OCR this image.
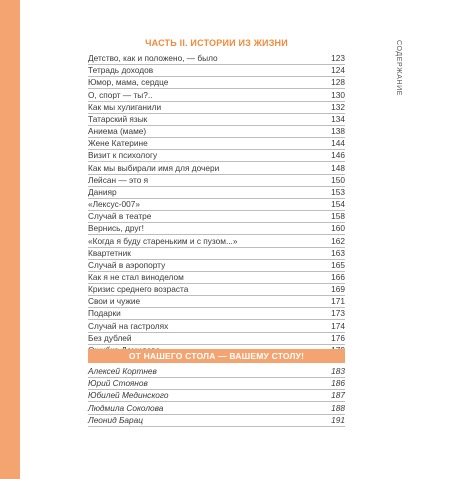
СОДЕРЖАНИЕ
ЧАСТЬ II. ИСТОРИИ ИЗ ЖИЗНИ
Детство, как и положено, — было	123
Тетрадь доходов	124
Юмор, мама, сердце	128
О, спорт — ты?..	130
Как мы хулиганили	132
Татарский язык	134
Аниема (маме)	138
Жене Катерине	144
Визит к психологу	146
Как мы выбирали имя для дочери	148
Лейсан — это я	150
Данияр	153
«Лексус-007»	154
Случай в театре	158
Вернись, друг!	160
«Когда я буду стареньким и с пузом...»	162
Квартетник	163
Случай в аэропорту	165
Как я не стал виноделом	166
Кризис среднего возраста	169
Свои и чужие	171
Подарки	173
Случай на гастролях	174
Без дублей	176
ОТ НАШЕГО СТОЛА — ВАШЕМУ СТОЛУ!
Алексей Кортнев	183
Юрий Стоянов	186
Юбилей Мединского	187
Людмила Соколова	188
Леонид Барац	191
